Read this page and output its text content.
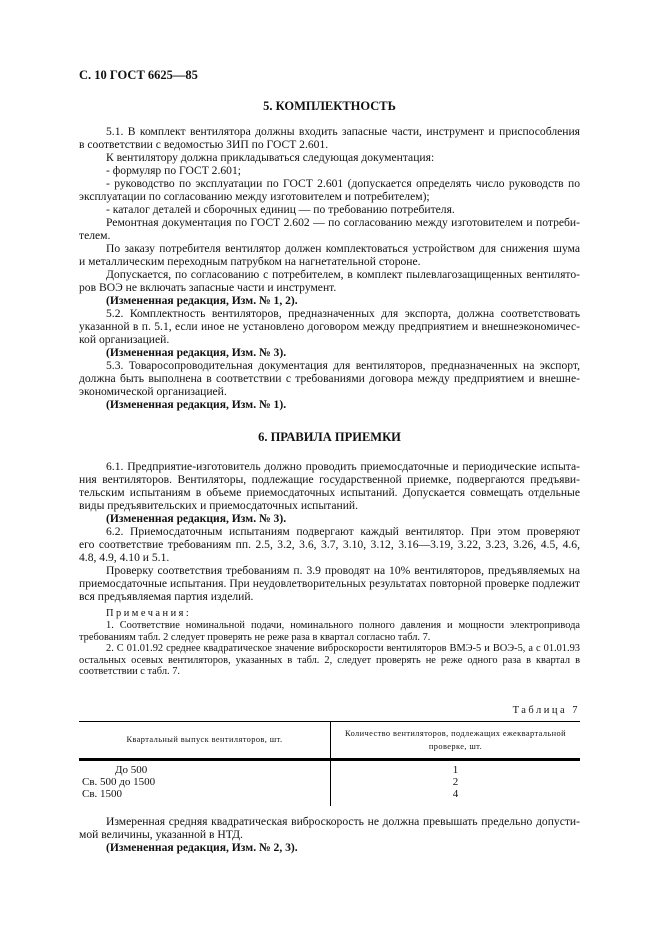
С. 10 ГОСТ 6625—85
5. КОМПЛЕКТНОСТЬ
5.1. В комплект вентилятора должны входить запасные части, инструмент и приспособления
в соответствии с ведомостью ЗИП по ГОСТ 2.601.
К вентилятору должна прикладываться следующая документация:
- формуляр по ГОСТ 2.601;
- руководство по эксплуатации по ГОСТ 2.601 (допускается определять число руководств по
эксплуатации по согласованию между изготовителем и потребителем);
- каталог деталей и сборочных единиц — по требованию потребителя.
Ремонтная документация по ГОСТ 2.602 — по согласованию между изготовителем и потреби-
телем.
По заказу потребителя вентилятор должен комплектоваться устройством для снижения шума
и металлическим переходным патрубком на нагнетательной стороне.
Допускается, по согласованию с потребителем, в комплект пылевлагозащищенных вентилято-
ров ВОЭ не включать запасные части и инструмент.
(Измененная редакция, Изм. № 1, 2).
5.2. Комплектность вентиляторов, предназначенных для экспорта, должна соответствовать
указанной в п. 5.1, если иное не установлено договором между предприятием и внешнеэкономичес-
кой организацией.
(Измененная редакция, Изм. № 3).
5.3. Товаросопроводительная документация для вентиляторов, предназначенных на экспорт,
должна быть выполнена в соответствии с требованиями договора между предприятием и внешне-
экономической организацией.
(Измененная редакция, Изм. № 1).
6. ПРАВИЛА ПРИЕМКИ
6.1. Предприятие-изготовитель должно проводить приемосдаточные и периодические испыта-
ния вентиляторов. Вентиляторы, подлежащие государственной приемке, подвергаются предъяви-
тельским испытаниям в объеме приемосдаточных испытаний. Допускается совмещать отдельные
виды предъявительских и приемосдаточных испытаний.
(Измененная редакция, Изм. № 3).
6.2. Приемосдаточным испытаниям подвергают каждый вентилятор. При этом проверяют
его соответствие требованиям пп. 2.5, 3.2, 3.6, 3.7, 3.10, 3.12, 3.16—3.19, 3.22, 3.23, 3.26, 4.5, 4.6,
4.8, 4.9, 4.10 и 5.1.
Проверку соответствия требованиям п. 3.9 проводят на 10% вентиляторов, предъявляемых на
приемосдаточные испытания. При неудовлетворительных результатах повторной проверке подлежит
вся предъявляемая партия изделий.
Примечания:
1. Соответствие номинальной подачи, номинального полного давления и мощности электропривода
требованиям табл. 2 следует проверять не реже раза в квартал согласно табл. 7.
2. С 01.01.92 среднее квадратическое значение виброскорости вентиляторов ВМЭ-5 и ВОЭ-5, а с 01.01.93
остальных осевых вентиляторов, указанных в табл. 2, следует проверять не реже одного раза в квартал в
соответствии с табл. 7.
Таблица 7
Квартальный выпуск вентиляторов, шт.	Количество вентиляторов, подлежащих ежеквартальной проверке, шт.
До 500	1
Св. 500 до 1500	2
Св. 1500	4
Измеренная средняя квадратическая виброскорость не должна превышать предельно допусти-
мой величины, указанной в НТД.
(Измененная редакция, Изм. № 2, 3).
